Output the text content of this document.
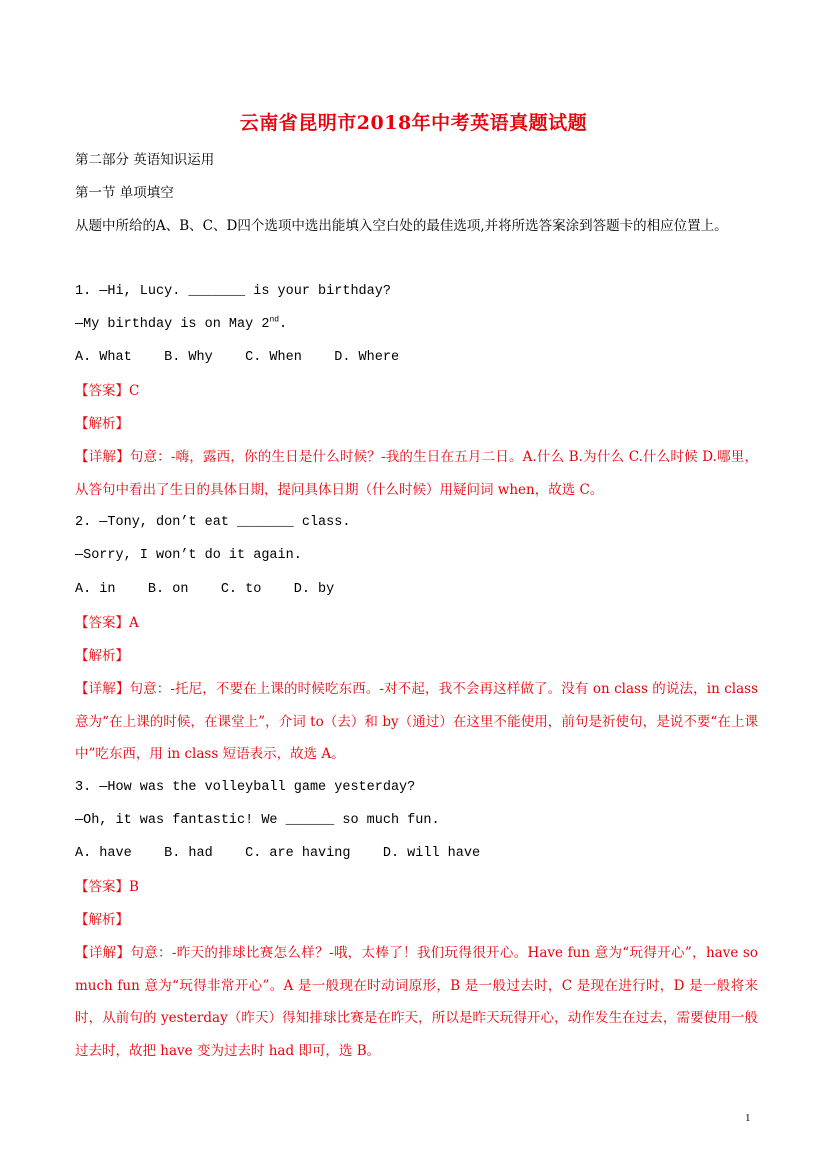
云南省昆明市2018年中考英语真题试题
第二部分 英语知识运用
第一节 单项填空
从题中所给的A、B、C、D四个选项中选出能填入空白处的最佳选项,并将所选答案涂到答题卡的相应位置上。
1. —Hi, Lucy. _______ is your birthday?
—My birthday is on May 2nd.
A. What    B. Why    C. When    D. Where
【答案】C
【解析】
【详解】句意：-嗨，露西，你的生日是什么时候？-我的生日在五月二日。A.什么 B.为什么 C.什么时候 D.哪里，从答句中看出了生日的具体日期，提问具体日期（什么时候）用疑问词 when，故选 C。
2. —Tony, don’t eat _______ class.
—Sorry, I won’t do it again.
A. in    B. on    C. to    D. by
【答案】A
【解析】
【详解】句意：-托尼，不要在上课的时候吃东西。-对不起，我不会再这样做了。没有 on class 的说法，in class 意为“在上课的时候，在课堂上”，介词 to（去）和 by（通过）在这里不能使用，前句是祈使句，是说不要“在上课中”吃东西，用 in class 短语表示，故选 A。
3. —How was the volleyball game yesterday?
—Oh, it was fantastic! We ______ so much fun.
A. have    B. had    C. are having    D. will have
【答案】B
【解析】
【详解】句意：-昨天的排球比赛怎么样？-哦，太棒了！我们玩得很开心。Have fun 意为“玩得开心”，have so much fun 意为“玩得非常开心”。A 是一般现在时动词原形，B 是一般过去时，C 是现在进行时，D 是一般将来时，从前句的 yesterday（昨天）得知排球比赛是在昨天，所以是昨天玩得开心，动作发生在过去，需要使用一般过去时，故把 have 变为过去时 had 即可，选 B。
1
